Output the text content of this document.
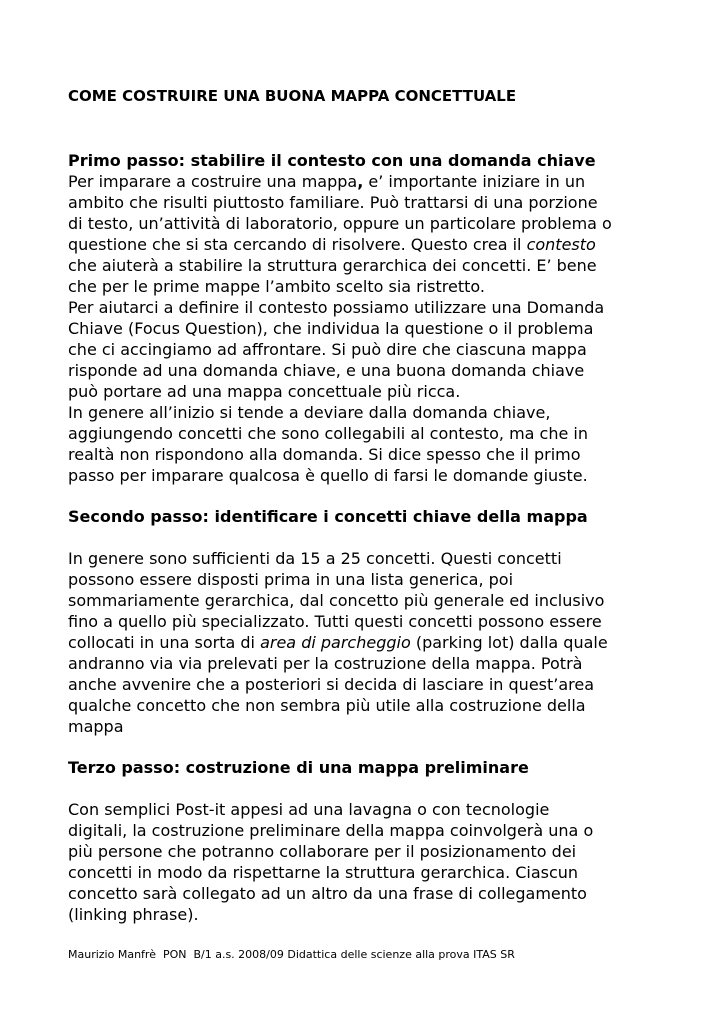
COME COSTRUIRE UNA BUONA MAPPA CONCETTUALE

Primo passo: stabilire il contesto con una domanda chiave

Per imparare a costruire una mappa, e’ importante iniziare in un

ambito che risulti piuttosto familiare. Può trattarsi di una porzione

di testo, un’attività di laboratorio, oppure un particolare problema o

questione che si sta cercando di risolvere. Questo crea il contesto

che aiuterà a stabilire la struttura gerarchica dei concetti. E’ bene

che per le prime mappe l’ambito scelto sia ristretto.

Per aiutarci a definire il contesto possiamo utilizzare una Domanda

Chiave (Focus Question), che individua la questione o il problema

che ci accingiamo ad affrontare. Si può dire che ciascuna mappa

risponde ad una domanda chiave, e una buona domanda chiave

può portare ad una mappa concettuale più ricca.

In genere all’inizio si tende a deviare dalla domanda chiave,

aggiungendo concetti che sono collegabili al contesto, ma che in

realtà non rispondono alla domanda. Si dice spesso che il primo

passo per imparare qualcosa è quello di farsi le domande giuste.

Secondo passo: identificare i concetti chiave della mappa

In genere sono sufficienti da 15 a 25 concetti. Questi concetti

possono essere disposti prima in una lista generica, poi

sommariamente gerarchica, dal concetto più generale ed inclusivo

fino a quello più specializzato. Tutti questi concetti possono essere

collocati in una sorta di area di parcheggio (parking lot) dalla quale

andranno via via prelevati per la costruzione della mappa. Potrà

anche avvenire che a posteriori si decida di lasciare in quest’area

qualche concetto che non sembra più utile alla costruzione della

mappa

Terzo passo: costruzione di una mappa preliminare

Con semplici Post-it appesi ad una lavagna o con tecnologie

digitali, la costruzione preliminare della mappa coinvolgerà una o

più persone che potranno collaborare per il posizionamento dei

concetti in modo da rispettarne la struttura gerarchica. Ciascun

concetto sarà collegato ad un altro da una frase di collegamento

(linking phrase).

Maurizio Manfrè  PON  B/1 a.s. 2008/09 Didattica delle scienze alla prova ITAS SR
